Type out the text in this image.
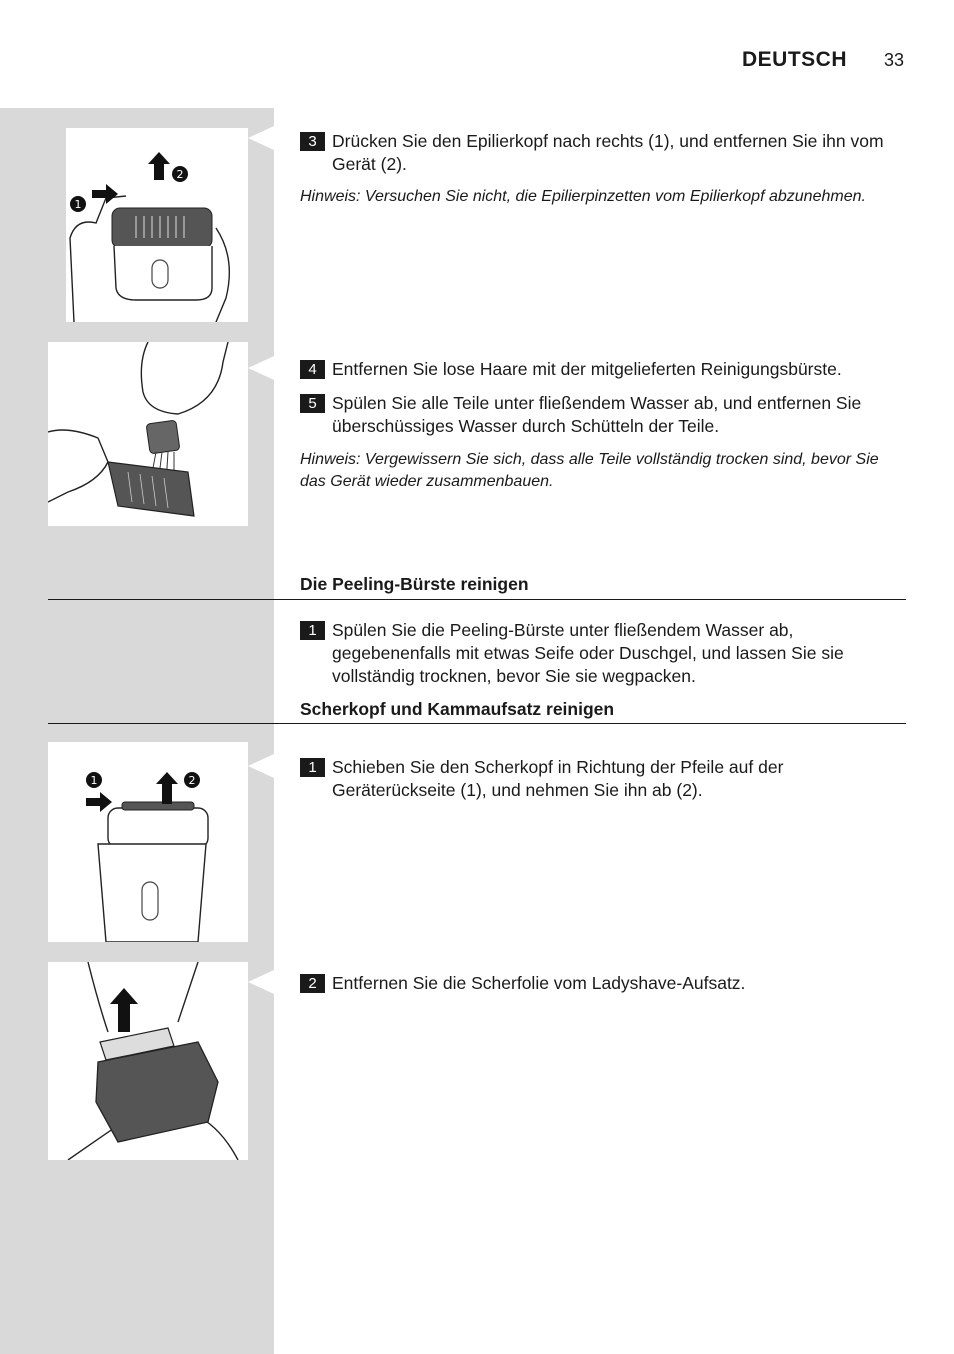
DEUTSCH 33
1
2
1	2
3 Drücken Sie den Epilierkopf nach rechts (1), und entfernen Sie ihn vom Gerät (2).
Hinweis: Versuchen Sie nicht, die Epilierpinzetten vom Epilierkopf abzunehmen.
4 Entfernen Sie lose Haare mit der mitgelieferten Reinigungsbürste.
5 Spülen Sie alle Teile unter fließendem Wasser ab, und entfernen Sie überschüssiges Wasser durch Schütteln der Teile.
Hinweis: Vergewissern Sie sich, dass alle Teile vollständig trocken sind, bevor Sie das Gerät wieder zusammenbauen.
Die Peeling-Bürste reinigen
1 Spülen Sie die Peeling-Bürste unter fließendem Wasser ab, gegebenenfalls mit etwas Seife oder Duschgel, und lassen Sie sie vollständig trocknen, bevor Sie sie wegpacken.
Scherkopf und Kammaufsatz reinigen
1 Schieben Sie den Scherkopf in Richtung der Pfeile auf der Geräterückseite (1), und nehmen Sie ihn ab (2).
2 Entfernen Sie die Scherfolie vom Ladyshave-Aufsatz.
